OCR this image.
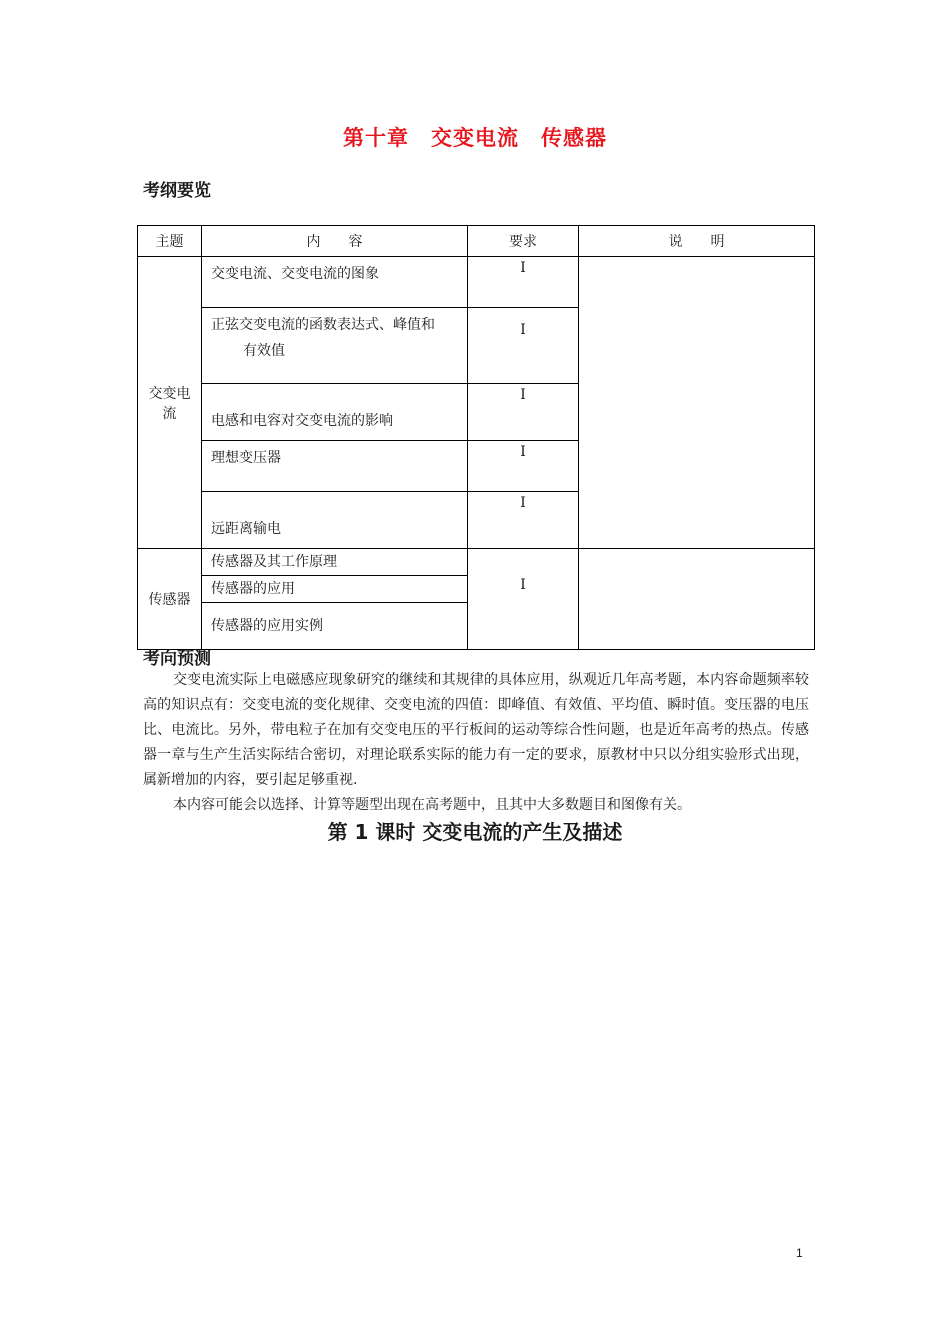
第十章　交变电流　传感器
考纲要览
主题	内　　容	要求	说　　明
交变电流	交变电流、交变电流的图象	I	

	正弦交变电流的函数表达式、峰值和
有效值	I	
	电感和电容对交变电流的影响	I	
	理想变压器	I	
	远距离输电	I	
传感器	传感器及其工作原理	I	
	传感器的应用		
	传感器的应用实例		
考向预测

交变电流实际上电磁感应现象研究的继续和其规律的具体应用，纵观近几年高考题，本内容命题频率较高的知识点有：交变电流的变化规律、交变电流的四值：即峰值、有效值、平均值、瞬时值。变压器的电压比、电流比。另外，带电粒子在加有交变电压的平行板间的运动等综合性问题，也是近年高考的热点。传感器一章与生产生活实际结合密切，对理论联系实际的能力有一定的要求，原教材中只以分组实验形式出现，属新增加的内容，要引起足够重视.

本内容可能会以选择、计算等题型出现在高考题中，且其中大多数题目和图像有关。

第 1 课时 交变电流的产生及描述
1
